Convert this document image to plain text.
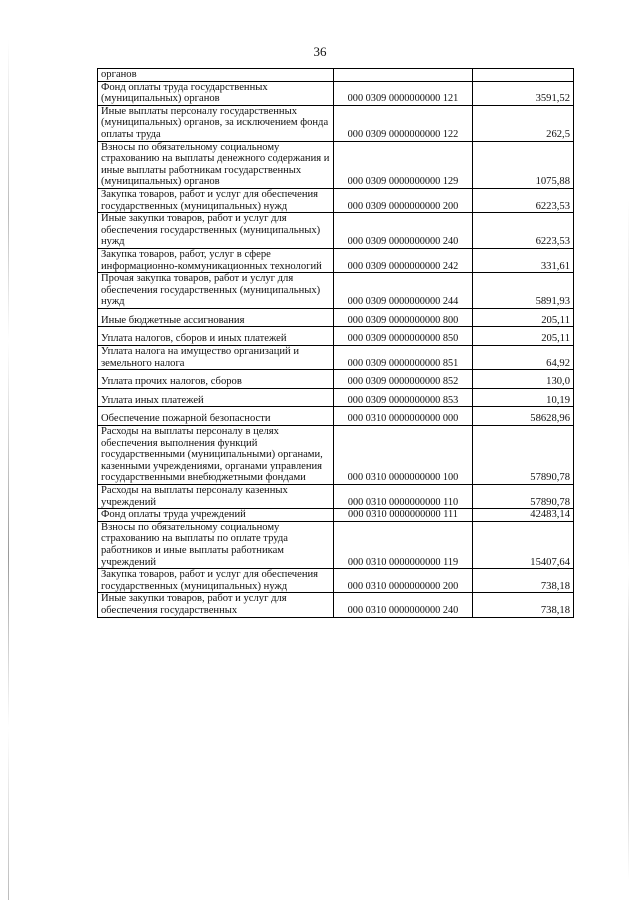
36
органов		
Фонд оплаты труда государственных (муниципальных) органов	000 0309 0000000000 121	3591,52
Иные выплаты персоналу государственных (муниципальных) органов, за исключением фонда оплаты труда	000 0309 0000000000 122	262,5
Взносы по обязательному социальному страхованию на выплаты денежного содержания и иные выплаты работникам государственных (муниципальных) органов	000 0309 0000000000 129	1075,88
Закупка товаров, работ и услуг для обеспечения государственных (муниципальных) нужд	000 0309 0000000000 200	6223,53
Иные закупки товаров, работ и услуг для обеспечения государственных (муниципальных) нужд	000 0309 0000000000 240	6223,53
Закупка товаров, работ, услуг в сфере информационно-коммуникационных технологий	000 0309 0000000000 242	331,61
Прочая закупка товаров, работ и услуг для обеспечения государственных (муниципальных) нужд	000 0309 0000000000 244	5891,93
Иные бюджетные ассигнования	000 0309 0000000000 800	205,11
Уплата налогов, сборов и иных платежей	000 0309 0000000000 850	205,11
Уплата налога на имущество организаций и земельного налога	000 0309 0000000000 851	64,92
Уплата прочих налогов, сборов	000 0309 0000000000 852	130,0
Уплата иных платежей	000 0309 0000000000 853	10,19
Обеспечение пожарной безопасности	000 0310 0000000000 000	58628,96
Расходы на выплаты персоналу в целях обеспечения выполнения функций государственными (муниципальными) органами, казенными учреждениями, органами управления государственными внебюджетными фондами	000 0310 0000000000 100	57890,78
Расходы на выплаты персоналу казенных учреждений	000 0310 0000000000 110	57890,78
Фонд оплаты труда учреждений	000 0310 0000000000 111	42483,14
Взносы по обязательному социальному страхованию на выплаты по оплате труда работников и иные выплаты работникам учреждений	000 0310 0000000000 119	15407,64
Закупка товаров, работ и услуг для обеспечения государственных (муниципальных) нужд	000 0310 0000000000 200	738,18
Иные закупки товаров, работ и услуг для обеспечения государственных	000 0310 0000000000 240	738,18
